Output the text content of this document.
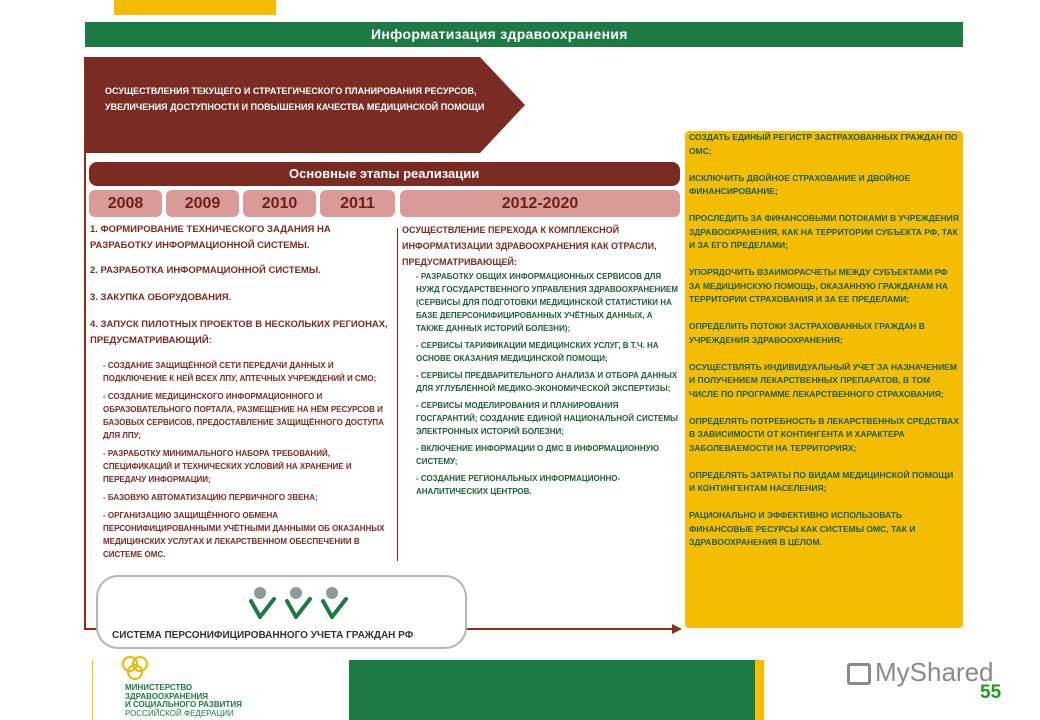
Информатизация здравоохранения
ОСУЩЕСТВЛЕНИЯ ТЕКУЩЕГО И СТРАТЕГИЧЕСКОГО ПЛАНИРОВАНИЯ РЕСУРСОВ, УВЕЛИЧЕНИЯ ДОСТУПНОСТИ И ПОВЫШЕНИЯ КАЧЕСТВА МЕДИЦИНСКОЙ ПОМОЩИ
Основные этапы реализации
2008	2009	2010	2011	2012-2020
1. ФОРМИРОВАНИЕ ТЕХНИЧЕСКОГО ЗАДАНИЯ НА РАЗРАБОТКУ ИНФОРМАЦИОННОЙ СИСТЕМЫ.
2. РАЗРАБОТКА ИНФОРМАЦИОННОЙ СИСТЕМЫ.
3. ЗАКУПКА ОБОРУДОВАНИЯ.
4. ЗАПУСК ПИЛОТНЫХ ПРОЕКТОВ В НЕСКОЛЬКИХ РЕГИОНАХ, ПРЕДУСМАТРИВАЮЩИЙ:
- СОЗДАНИЕ ЗАЩИЩЁННОЙ СЕТИ ПЕРЕДАЧИ ДАННЫХ И ПОДКЛЮЧЕНИЕ К НЕЙ ВСЕХ ЛПУ, АПТЕЧНЫХ УЧРЕЖДЕНИЙ И СМО;
- СОЗДАНИЕ МЕДИЦИНСКОГО ИНФОРМАЦИОННОГО И ОБРАЗОВАТЕЛЬНОГО ПОРТАЛА, РАЗМЕЩЕНИЕ НА НЁМ РЕСУРСОВ И БАЗОВЫХ СЕРВИСОВ, ПРЕДОСТАВЛЕНИЕ ЗАЩИЩЁННОГО ДОСТУПА ДЛЯ ЛПУ;
- РАЗРАБОТКУ МИНИМАЛЬНОГО НАБОРА ТРЕБОВАНИЙ, СПЕЦИФИКАЦИЙ И ТЕХНИЧЕСКИХ УСЛОВИЙ НА ХРАНЕНИЕ И ПЕРЕДАЧУ ИНФОРМАЦИИ;
- БАЗОВУЮ АВТОМАТИЗАЦИЮ ПЕРВИЧНОГО ЗВЕНА;
- ОРГАНИЗАЦИЮ ЗАЩИЩЁННОГО ОБМЕНА ПЕРСОНИФИЦИРОВАННЫМИ УЧЁТНЫМИ ДАННЫМИ ОБ ОКАЗАННЫХ МЕДИЦИНСКИХ УСЛУГАХ И ЛЕКАРСТВЕННОМ ОБЕСПЕЧЕНИИ В СИСТЕМЕ ОМС.
ОСУЩЕСТВЛЕНИЕ ПЕРЕХОДА К КОМПЛЕКСНОЙ ИНФОРМАТИЗАЦИИ ЗДРАВООХРАНЕНИЯ КАК ОТРАСЛИ, ПРЕДУСМАТРИВАЮЩЕЙ:
- РАЗРАБОТКУ ОБЩИХ ИНФОРМАЦИОННЫХ СЕРВИСОВ ДЛЯ НУЖД ГОСУДАРСТВЕННОГО УПРАВЛЕНИЯ ЗДРАВООХРАНЕНИЕМ (СЕРВИСЫ ДЛЯ ПОДГОТОВКИ МЕДИЦИНСКОЙ СТАТИСТИКИ НА БАЗЕ ДЕПЕРСОНИФИЦИРОВАННЫХ УЧЁТНЫХ ДАННЫХ, А ТАКЖЕ ДАННЫХ ИСТОРИЙ БОЛЕЗНИ);
- СЕРВИСЫ ТАРИФИКАЦИИ МЕДИЦИНСКИХ УСЛУГ, В Т.Ч. НА ОСНОВЕ ОКАЗАНИЯ МЕДИЦИНСКОЙ ПОМОЩИ;
- СЕРВИСЫ ПРЕДВАРИТЕЛЬНОГО АНАЛИЗА И ОТБОРА ДАННЫХ ДЛЯ УГЛУБЛЁННОЙ МЕДИКО-ЭКОНОМИЧЕСКОЙ ЭКСПЕРТИЗЫ;
- СЕРВИСЫ МОДЕЛИРОВАНИЯ И ПЛАНИРОВАНИЯ ГОСГАРАНТИЙ; СОЗДАНИЕ ЕДИНОЙ НАЦИОНАЛЬНОЙ СИСТЕМЫ ЭЛЕКТРОННЫХ ИСТОРИЙ БОЛЕЗНИ;
- ВКЛЮЧЕНИЕ ИНФОРМАЦИИ О ДМС В ИНФОРМАЦИОННУЮ СИСТЕМУ;
- СОЗДАНИЕ РЕГИОНАЛЬНЫХ ИНФОРМАЦИОННО-АНАЛИТИЧЕСКИХ ЦЕНТРОВ.
СИСТЕМА ПЕРСОНИФИЦИРОВАННОГО УЧЕТА ГРАЖДАН РФ

СОЗДАТЬ ЕДИНЫЙ РЕГИСТР ЗАСТРАХОВАННЫХ ГРАЖДАН ПО ОМС;

ИСКЛЮЧИТЬ ДВОЙНОЕ СТРАХОВАНИЕ И ДВОЙНОЕ ФИНАНСИРОВАНИЕ;

ПРОСЛЕДИТЬ ЗА ФИНАНСОВЫМИ ПОТОКАМИ В УЧРЕЖДЕНИЯ ЗДРАВООХРАНЕНИЯ, КАК НА ТЕРРИТОРИИ СУБЪЕКТА РФ, ТАК И ЗА ЕГО ПРЕДЕЛАМИ;

УПОРЯДОЧИТЬ ВЗАИМОРАСЧЕТЫ МЕЖДУ СУБЪЕКТАМИ РФ ЗА МЕДИЦИНСКУЮ ПОМОЩЬ, ОКАЗАННУЮ ГРАЖДАНАМ НА ТЕРРИТОРИИ СТРАХОВАНИЯ И ЗА ЕЕ ПРЕДЕЛАМИ;

ОПРЕДЕЛИТЬ ПОТОКИ ЗАСТРАХОВАННЫХ ГРАЖДАН В УЧРЕЖДЕНИЯ ЗДРАВООХРАНЕНИЯ;

ОСУЩЕСТВЛЯТЬ ИНДИВИДУАЛЬНЫЙ УЧЕТ ЗА НАЗНАЧЕНИЕМ И ПОЛУЧЕНИЕМ ЛЕКАРСТВЕННЫХ ПРЕПАРАТОВ, В ТОМ ЧИСЛЕ ПО ПРОГРАММЕ ЛЕКАРСТВЕННОГО СТРАХОВАНИЯ;

ОПРЕДЕЛЯТЬ ПОТРЕБНОСТЬ В ЛЕКАРСТВЕННЫХ СРЕДСТВАХ В ЗАВИСИМОСТИ ОТ КОНТИНГЕНТА И ХАРАКТЕРА ЗАБОЛЕВАЕМОСТИ НА ТЕРРИТОРИЯХ;

ОПРЕДЕЛЯТЬ ЗАТРАТЫ ПО ВИДАМ МЕДИЦИНСКОЙ ПОМОЩИ И КОНТИНГЕНТАМ НАСЕЛЕНИЯ;

РАЦИОНАЛЬНО И ЭФФЕКТИВНО ИСПОЛЬЗОВАТЬ ФИНАНСОВЫЕ РЕСУРСЫ КАК СИСТЕМЫ ОМС, ТАК И ЗДРАВООХРАНЕНИЯ В ЦЕЛОМ.

МИНИСТЕРСТВО
ЗДРАВООХРАНЕНИЯ
И СОЦИАЛЬНОГО РАЗВИТИЯ
РОССИЙСКОЙ ФЕДЕРАЦИИ
MyShared
55
